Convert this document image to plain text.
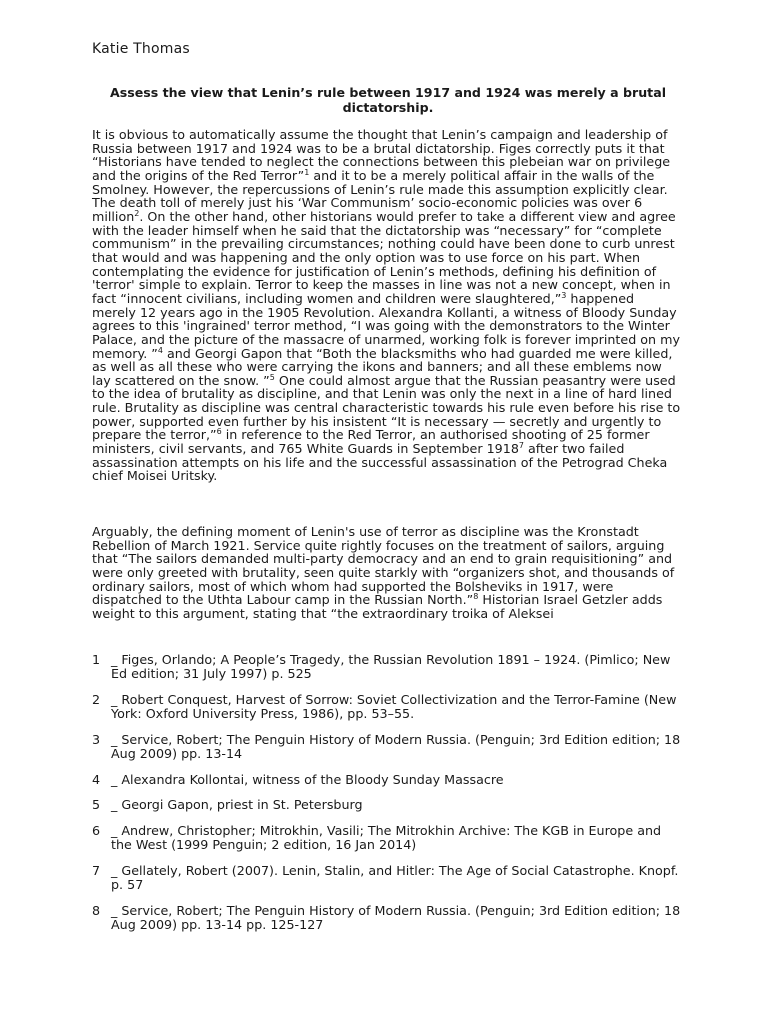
Katie Thomas
Assess the view that Lenin’s rule between 1917 and 1924 was merely a brutal dictatorship.
It is obvious to automatically assume the thought that Lenin’s campaign and leadership of Russia between 1917 and 1924 was to be a brutal dictatorship. Figes correctly puts it that “Historians have tended to neglect the connections between this plebeian war on privilege and the origins of the Red Terror”$^1$ and it to be a merely political affair in the walls of the Smolney. However, the repercussions of Lenin’s rule made this assumption explicitly clear. The death toll of merely just his ‘War Communism’ socio-economic policies was over 6 million$^2$. On the other hand, other historians would prefer to take a different view and agree with the leader himself when he said that the dictatorship was “necessary” for “complete communism” in the prevailing circumstances; nothing could have been done to curb unrest that would and was happening and the only option was to use force on his part. When contemplating the evidence for justification of Lenin’s methods, defining his definition of 'terror' simple to explain. Terror to keep the masses in line was not a new concept, when in fact “innocent civilians, including women and children were slaughtered,”$^3$ happened merely 12 years ago in the 1905 Revolution. Alexandra Kollanti, a witness of Bloody Sunday agrees to this 'ingrained' terror method, “I was going with the demonstrators to the Winter Palace, and the picture of the massacre of unarmed, working folk is forever imprinted on my memory. ”$^4$ and Georgi Gapon that “Both the blacksmiths who had guarded me were killed, as well as all these who were carrying the ikons and banners; and all these emblems now lay scattered on the snow. ”$^5$ One could almost argue that the Russian peasantry were used to the idea of brutality as discipline, and that Lenin was only the next in a line of hard lined rule. Brutality as discipline was central characteristic towards his rule even before his rise to power, supported even further by his insistent “It is necessary — secretly and urgently to prepare the terror,”$^6$ in reference to the Red Terror, an authorised shooting of 25 former ministers, civil servants, and 765 White Guards in September 1918$^7$ after two failed assassination attempts on his life and the successful assassination of the Petrograd Cheka chief Moisei Uritsky.
Arguably, the defining moment of Lenin's use of terror as discipline was the Kronstadt Rebellion of March 1921. Service quite rightly focuses on the treatment of sailors, arguing that “The sailors demanded multi-party democracy and an end to grain requisitioning” and were only greeted with brutality, seen quite starkly with “organizers shot, and thousands of ordinary sailors, most of which whom had supported the Bolsheviks in 1917, were dispatched to the Uthta Labour camp in the Russian North.”$^8$ Historian Israel Getzler adds weight to this argument, stating that “the extraordinary troika of Aleksei
1 _ Figes, Orlando; A People’s Tragedy, the Russian Revolution 1891 – 1924. (Pimlico; New Ed edition; 31 July 1997) p. 525
2 _ Robert Conquest, Harvest of Sorrow: Soviet Collectivization and the Terror-Famine (New York: Oxford University Press, 1986), pp. 53–55.
3 _ Service, Robert; The Penguin History of Modern Russia. (Penguin; 3rd Edition edition; 18 Aug 2009) pp. 13-14
4 _ Alexandra Kollontai, witness of the Bloody Sunday Massacre
5 _ Georgi Gapon, priest in St. Petersburg
6 _ Andrew, Christopher; Mitrokhin, Vasili; The Mitrokhin Archive: The KGB in Europe and the West (1999 Penguin; 2 edition, 16 Jan 2014)
7 _ Gellately, Robert (2007). Lenin, Stalin, and Hitler: The Age of Social Catastrophe. Knopf. p. 57
8 _ Service, Robert; The Penguin History of Modern Russia. (Penguin; 3rd Edition edition; 18 Aug 2009) pp. 13-14 pp. 125-127
